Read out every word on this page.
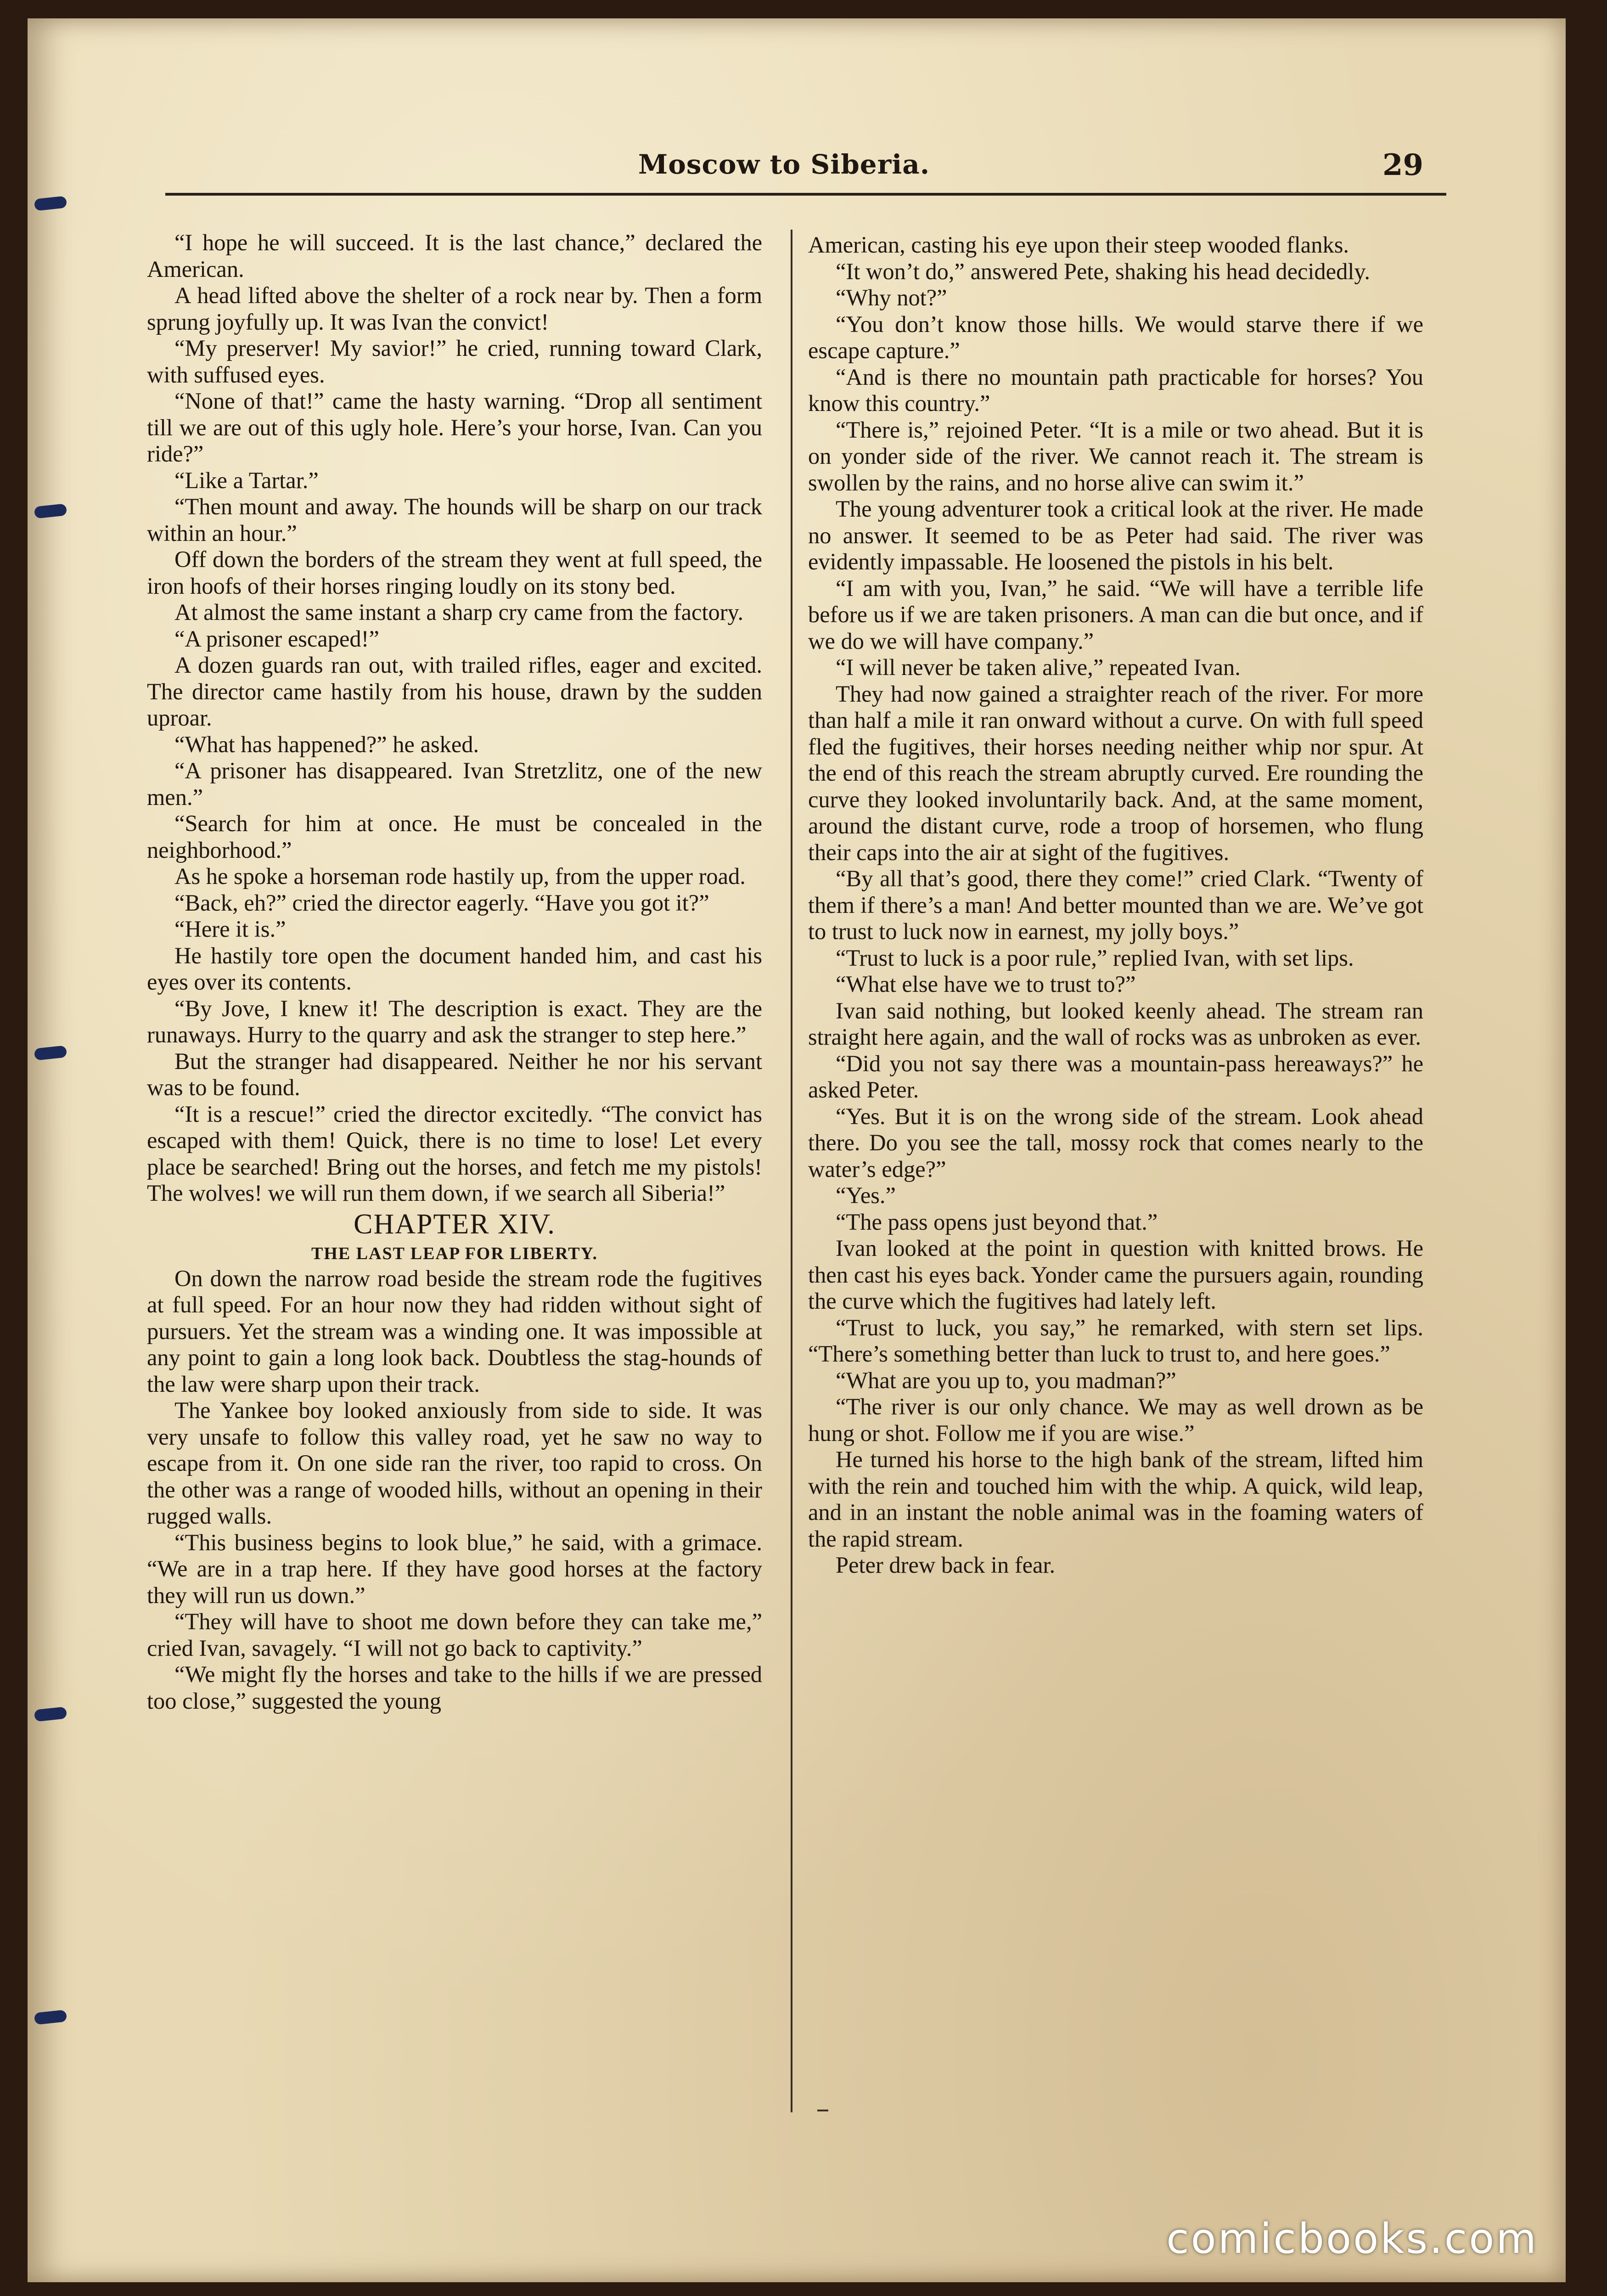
Moscow to Siberia.	29

“I hope he will succeed. It is the last chance,” declared the American.

A head lifted above the shelter of a rock near by. Then a form sprung joyfully up. It was Ivan the convict!

“My preserver! My savior!” he cried, running toward Clark, with suffused eyes.

“None of that!” came the hasty warning. “Drop all sentiment till we are out of this ugly hole. Here’s your horse, Ivan. Can you ride?”

“Like a Tartar.”

“Then mount and away. The hounds will be sharp on our track within an hour.”

Off down the borders of the stream they went at full speed, the iron hoofs of their horses ringing loudly on its stony bed.

At almost the same instant a sharp cry came from the factory.

“A prisoner escaped!”

A dozen guards ran out, with trailed rifles, eager and excited. The director came hastily from his house, drawn by the sudden uproar.

“What has happened?” he asked.

“A prisoner has disappeared. Ivan Stretzlitz, one of the new men.”

“Search for him at once. He must be concealed in the neighborhood.”

As he spoke a horseman rode hastily up, from the upper road.

“Back, eh?” cried the director eagerly. “Have you got it?”

“Here it is.”

He hastily tore open the document handed him, and cast his eyes over its contents.

“By Jove, I knew it! The description is exact. They are the runaways. Hurry to the quarry and ask the stranger to step here.”

But the stranger had disappeared. Neither he nor his servant was to be found.

“It is a rescue!” cried the director excitedly. “The convict has escaped with them! Quick, there is no time to lose! Let every place be searched! Bring out the horses, and fetch me my pistols! The wolves! we will run them down, if we search all Siberia!”

CHAPTER XIV.

THE LAST LEAP FOR LIBERTY.

On down the narrow road beside the stream rode the fugitives at full speed. For an hour now they had ridden without sight of pursuers. Yet the stream was a winding one. It was impossible at any point to gain a long look back. Doubtless the stag-hounds of the law were sharp upon their track.

The Yankee boy looked anxiously from side to side. It was very unsafe to follow this valley road, yet he saw no way to escape from it. On one side ran the river, too rapid to cross. On the other was a range of wooded hills, without an opening in their rugged walls.

“This business begins to look blue,” he said, with a grimace. “We are in a trap here. If they have good horses at the factory they will run us down.”

“They will have to shoot me down before they can take me,” cried Ivan, savagely. “I will not go back to captivity.”

“We might fly the horses and take to the hills if we are pressed too close,” suggested the young

American, casting his eye upon their steep wooded flanks.

“It won’t do,” answered Pete, shaking his head decidedly.

“Why not?”

“You don’t know those hills. We would starve there if we escape capture.”

“And is there no mountain path practicable for horses? You know this country.”

“There is,” rejoined Peter. “It is a mile or two ahead. But it is on yonder side of the river. We cannot reach it. The stream is swollen by the rains, and no horse alive can swim it.”

The young adventurer took a critical look at the river. He made no answer. It seemed to be as Peter had said. The river was evidently impassable. He loosened the pistols in his belt.

“I am with you, Ivan,” he said. “We will have a terrible life before us if we are taken prisoners. A man can die but once, and if we do we will have company.”

“I will never be taken alive,” repeated Ivan.

They had now gained a straighter reach of the river. For more than half a mile it ran onward without a curve. On with full speed fled the fugitives, their horses needing neither whip nor spur. At the end of this reach the stream abruptly curved. Ere rounding the curve they looked involuntarily back. And, at the same moment, around the distant curve, rode a troop of horsemen, who flung their caps into the air at sight of the fugitives.

“By all that’s good, there they come!” cried Clark. “Twenty of them if there’s a man! And better mounted than we are. We’ve got to trust to luck now in earnest, my jolly boys.”

“Trust to luck is a poor rule,” replied Ivan, with set lips.

“What else have we to trust to?”

Ivan said nothing, but looked keenly ahead. The stream ran straight here again, and the wall of rocks was as unbroken as ever.

“Did you not say there was a mountain-pass hereaways?” he asked Peter.

“Yes. But it is on the wrong side of the stream. Look ahead there. Do you see the tall, mossy rock that comes nearly to the water’s edge?”

“Yes.”

“The pass opens just beyond that.”

Ivan looked at the point in question with knitted brows. He then cast his eyes back. Yonder came the pursuers again, rounding the curve which the fugitives had lately left.

“Trust to luck, you say,” he remarked, with stern set lips. “There’s something better than luck to trust to, and here goes.”

“What are you up to, you madman?”

“The river is our only chance. We may as well drown as be hung or shot. Follow me if you are wise.”

He turned his horse to the high bank of the stream, lifted him with the rein and touched him with the whip. A quick, wild leap, and in an instant the noble animal was in the foaming waters of the rapid stream.

Peter drew back in fear.

comicbooks.com
